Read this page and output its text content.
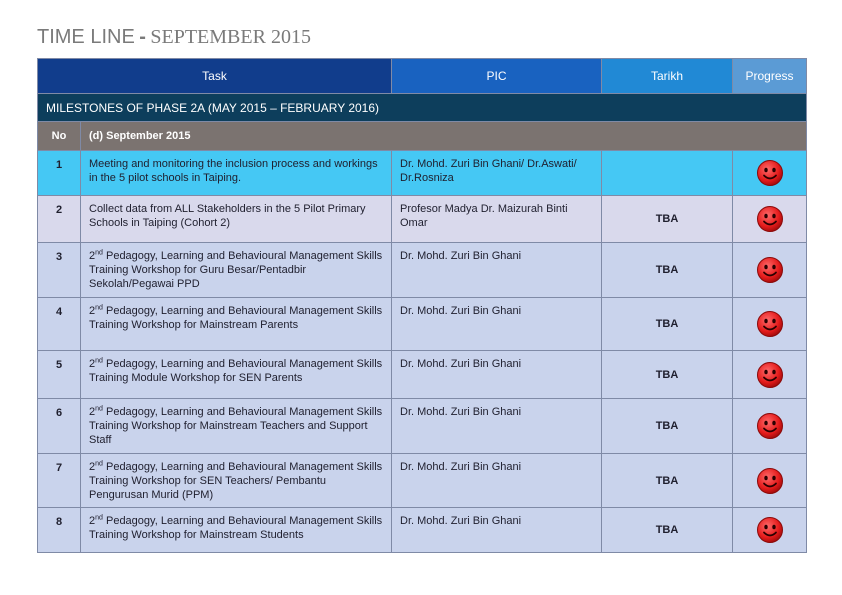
TIME LINE - SEPTEMBER 2015
Task		PIC	Tarikh	Progress
MILESTONES OF PHASE 2A (MAY 2015 – FEBRUARY 2016)				
No	(d) September 2015			
1	Meeting and monitoring the inclusion process and workings in the 5 pilot schools in Taiping.	Dr. Mohd. Zuri Bin Ghani/ Dr.Aswati/ Dr.Rosniza		
2	Collect data from ALL Stakeholders in the 5 Pilot Primary Schools in Taiping (Cohort 2)	Profesor Madya Dr. Maizurah Binti Omar	TBA	
3	2nd Pedagogy, Learning and Behavioural Management Skills Training Workshop for Guru Besar/Pentadbir Sekolah/Pegawai PPD	Dr. Mohd. Zuri Bin Ghani	TBA	
4	2nd Pedagogy, Learning and Behavioural Management Skills Training Workshop for Mainstream Parents	Dr. Mohd. Zuri Bin Ghani	TBA	
5	2nd Pedagogy, Learning and Behavioural Management Skills Training Module Workshop for SEN Parents	Dr. Mohd. Zuri Bin Ghani	TBA	
6	2nd Pedagogy, Learning and Behavioural Management Skills Training Workshop for Mainstream Teachers and Support Staff	Dr. Mohd. Zuri Bin Ghani	TBA	
7	2nd Pedagogy, Learning and Behavioural Management Skills Training Workshop for SEN Teachers/ Pembantu Pengurusan Murid (PPM)	Dr. Mohd. Zuri Bin Ghani	TBA	
8	2nd Pedagogy, Learning and Behavioural Management Skills Training Workshop for Mainstream Students	Dr. Mohd. Zuri Bin Ghani	TBA	
